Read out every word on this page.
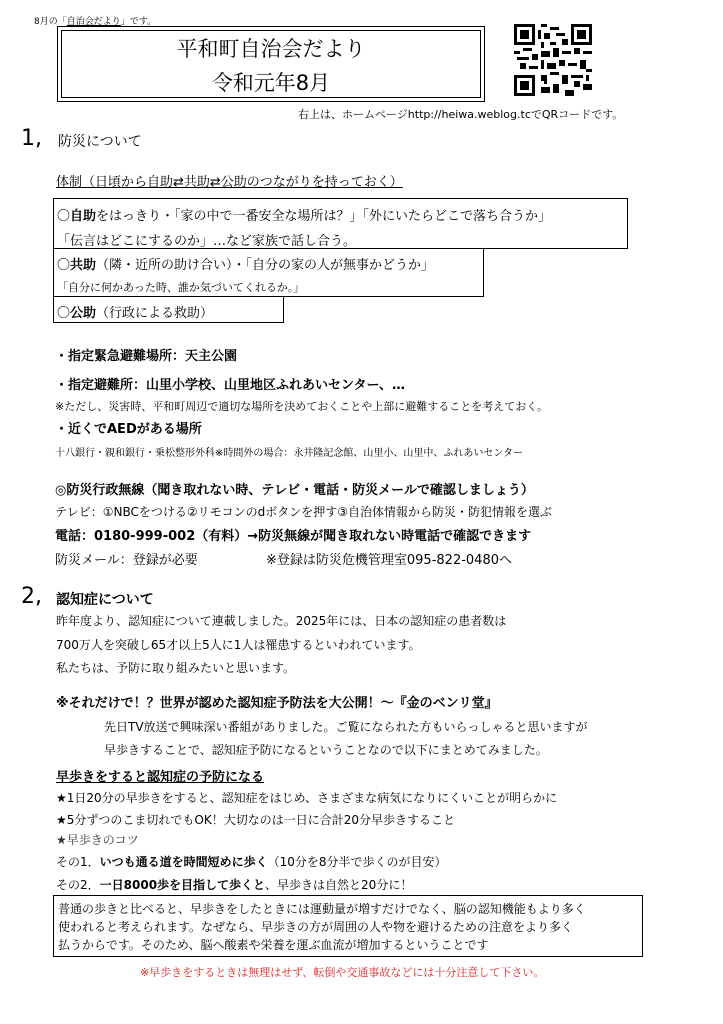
8月の「自治会だより」です。
平和町自治会だより
令和元年8月
右上は、ホームページhttp://heiwa.weblog.tcでQRコードです。
1, 防災について
体制（日頃から自助⇄共助⇄公助のつながりを持っておく）
〇自助をはっきり・「家の中で一番安全な場所は？」「外にいたらどこで落ち合うか」
「伝言はどこにするのか」…など家族で話し合う。
〇共助（隣・近所の助け合い）・「自分の家の人が無事かどうか」
「自分に何かあった時、誰か気づいてくれるか。」
〇公助（行政による救助）
・指定緊急避難場所：天主公園
・指定避難所：山里小学校、山里地区ふれあいセンター、…
※ただし、災害時、平和町周辺で適切な場所を決めておくことや上部に避難することを考えておく。
・近くでAEDがある場所
十八銀行・親和銀行・乗松整形外科※時間外の場合：永井隆記念館、山里小、山里中、ふれあいセンター
◎防災行政無線（聞き取れない時、テレビ・電話・防災メールで確認しましょう）
テレビ：①NBCをつける②リモコンのdボタンを押す③自治体情報から防災・防犯情報を選ぶ
電話：0180-999-002（有料）→防災無線が聞き取れない時電話で確認できます
防災メール：登録が必要	※登録は防災危機管理室095-822-0480へ
2, 認知症について
昨年度より、認知症について連載しました。2025年には、日本の認知症の患者数は
700万人を突破し65才以上5人に1人は罹患するといわれています。
私たちは、予防に取り組みたいと思います。
※それだけで！？世界が認めた認知症予防法を大公開！～『金のベンリ堂』
先日TV放送で興味深い番組がありました。ご覧になられた方もいらっしゃると思いますが
早歩きすることで、認知症予防になるということなので以下にまとめてみました。
早歩きをすると認知症の予防になる
★1日20分の早歩きをすると、認知症をはじめ、さまざまな病気になりにくいことが明らかに
★5分ずつのこま切れでもOK！大切なのは一日に合計20分早歩きすること
★早歩きのコツ
その1．いつも通る道を時間短めに歩く（10分を8分半で歩くのが目安）
その2．一日8000歩を目指して歩くと、早歩きは自然と20分に！
普通の歩きと比べると、早歩きをしたときには運動量が増すだけでなく、脳の認知機能もより多く
使われると考えられます。なぜなら、早歩きの方が周囲の人や物を避けるための注意をより多く
払うからです。そのため、脳へ酸素や栄養を運ぶ血流が増加するということです
※早歩きをするときは無理はせず、転倒や交通事故などには十分注意して下さい。
